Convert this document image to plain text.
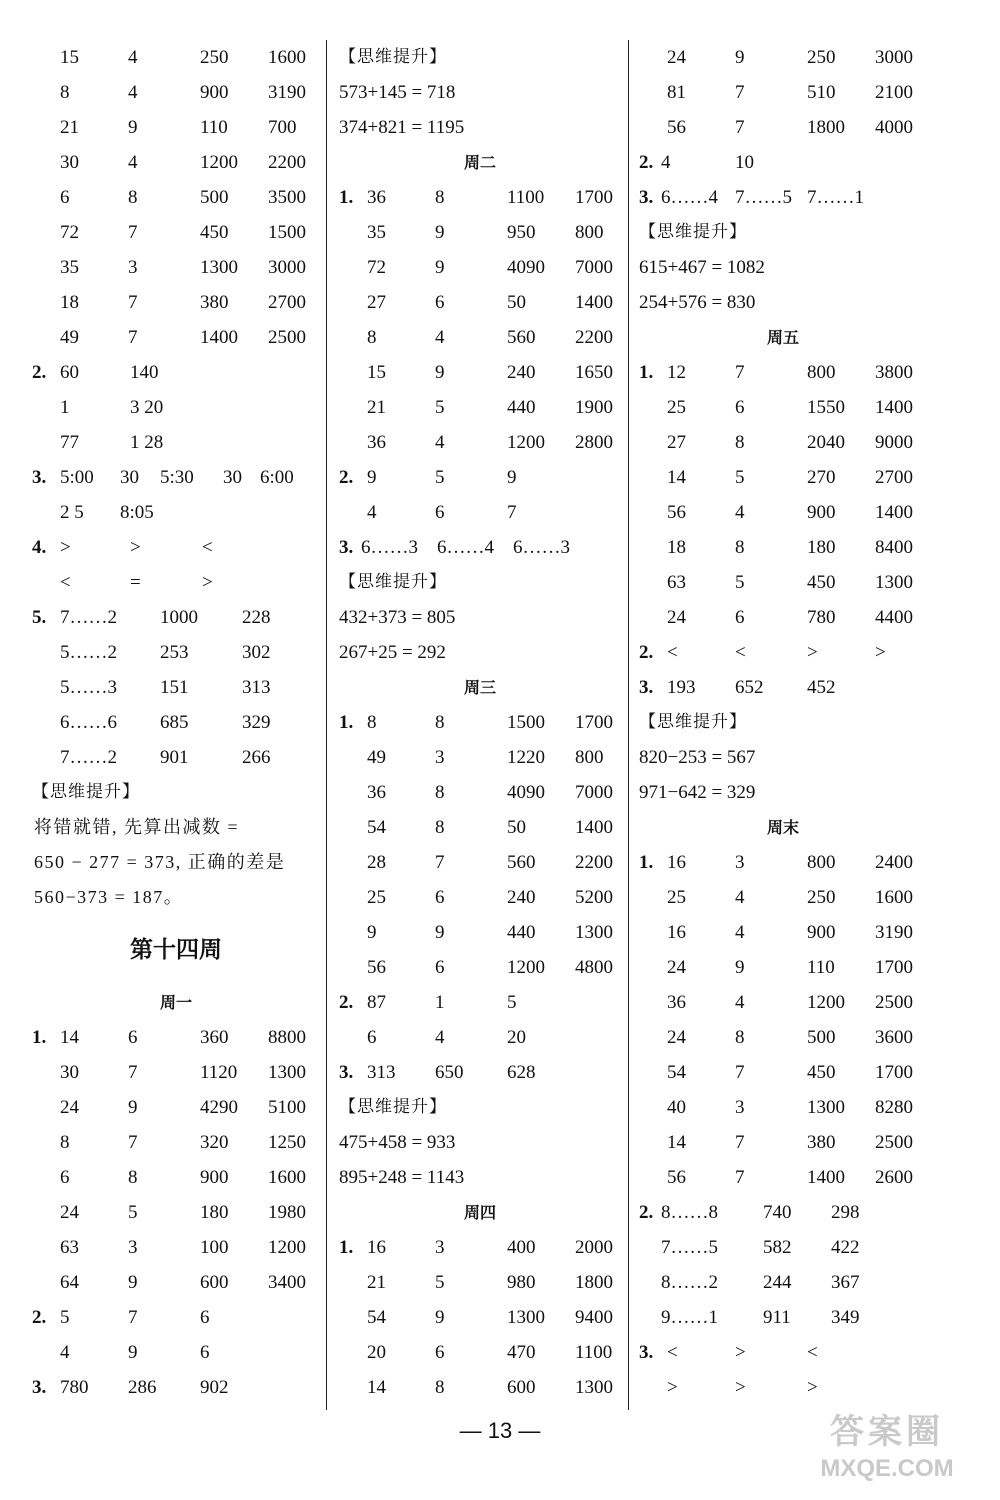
15	4	250 1600
8	4	900 3190
21	9	110 700
30	4	1200 2200
6	8	500 3500
72	7	450 1500
35	3	1300 3000
18	7	380 2700
49	7	1400 2500
2. 60	140
1	3 20
77	1 28
3. 5:00 30 5:30 30 6:00
2 5 8:05
4. >	>	<
<	=	>
5. 7……2 1000 228
5……2 253	302
5……3 151	313
6……6 685	329
7……2 901	266
【思维提升】
将错就错, 先算出减数 =
650 − 277 = 373, 正确的差是
560−373 = 187。
第十四周
周一
1. 14	6	360 8800
30	7	1120 1300
24	9	4290 5100
8	7	320 1250
6	8	900 1600
24	5	180 1980
63	3	100 1200
64	9	600 3400
2. 5	7	6
4	9	6
3. 780 286 902
【思维提升】
573+145 = 718
374+821 = 1195
周二
1. 36	8	1100 1700
35	9	950 800
72	9	4090 7000
27	6	50	1400
8	4	560 2200
15	9	240 1650
21	5	440 1900
36	4	1200 2800
2. 9	5	9
4	6	7
3. 6……3 6……4 6……3
【思维提升】
432+373 = 805
267+25 = 292
周三
1. 8	8	1500 1700
49	3	1220 800
36	8	4090 7000
54	8	50	1400
28	7	560 2200
25	6	240 5200
9	9	440 1300
56	6	1200 4800
2. 87	1	5
6	4	20
3. 313 650 628
【思维提升】
475+458 = 933
895+248 = 1143
周四
1. 16	3	400 2000
21	5	980 1800
54	9	1300 9400
20	6	470 1100
14	8	600 1300
24	9	250 3000
81	7	510 2100
56	7	1800 4000
2. 4	10
3. 6……4 7……5 7……1
【思维提升】
615+467 = 1082
254+576 = 830
周五
1. 12	7	800 3800
25	6	1550 1400
27	8	2040 9000
14	5	270 2700
56	4	900 1400
18	8	180 8400
63	5	450 1300
24	6	780 4400
2. <	<	>	>
3. 193 652 452
【思维提升】
820−253 = 567
971−642 = 329
周末
1. 16	3	800 2400
25	4	250 1600
16	4	900 3190
24	9	110 1700
36	4	1200 2500
24	8	500 3600
54	7	450 1700
40	3	1300 8280
14	7	380 2500
56	7	1400 2600
2. 8……8 740 298
7……5 582 422
8……2 244 367
9……1 911 349
3. <	>	<
>	>	>
— 13 —	答案圈
MXQE.COM
